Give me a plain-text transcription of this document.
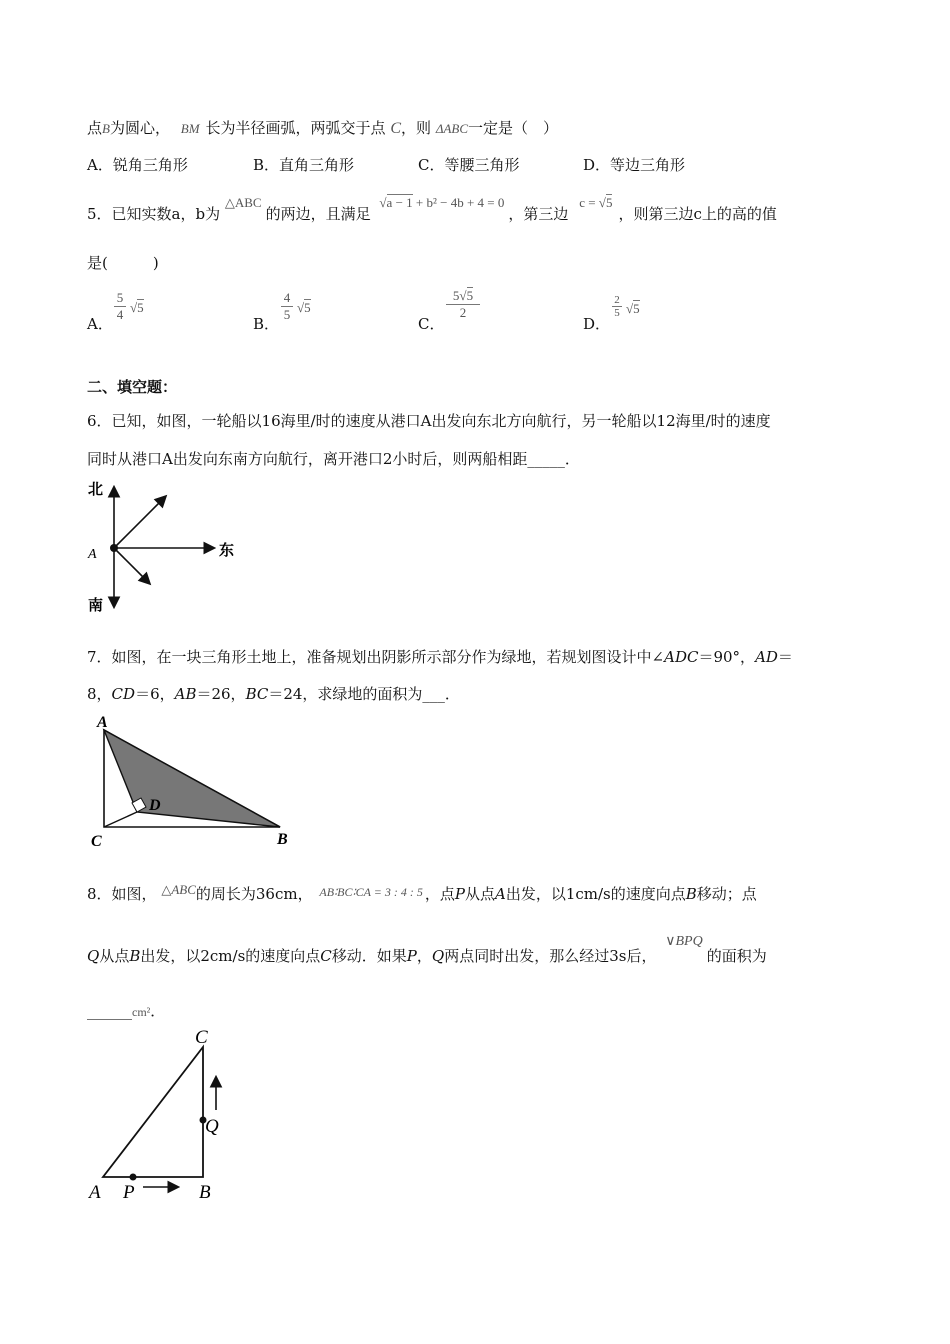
点B为圆心， BM 长为半径画弧，两弧交于点 C，则 ΔABC一定是（　）
A．锐角三角形	B．直角三角形	C．等腰三角形	D．等边三角形
5．已知实数a，b为 △ABC的两边，且满足 √a − 1 + b² − 4b + 4 = 0，第三边 c = √5，则第三边c上的高的值
是(　　　)
A．
5
4 √5
B．
4
5 √5
C．
5√5
2
D．
2
5 √5
二、填空题：
6．已知，如图，一轮船以16海里/时的速度从港口A出发向东北方向航行，另一轮船以12海里/时的速度
同时从港口A出发向东南方向航行，离开港口2小时后，则两船相距_____．
北
南
东
A
7．如图，在一块三角形土地上，准备规划出阴影所示部分作为绿地，若规划图设计中∠ADC＝90°，AD＝
8，CD＝6，AB＝26，BC＝24，求绿地的面积为___．
A
B
C
D
8．如图， △ABC的周长为36cm， $^{AB∶BC∶CA = 3 : 4 : 5}$ ，点P从点A出发，以1cm/s的速度向点B移动；点
Q从点B出发，以2cm/s的速度向点C移动．如果P，Q两点同时出发，那么经过3s后， ∨BPQ的面积为
______cm²．
A	B
C
P
Q
